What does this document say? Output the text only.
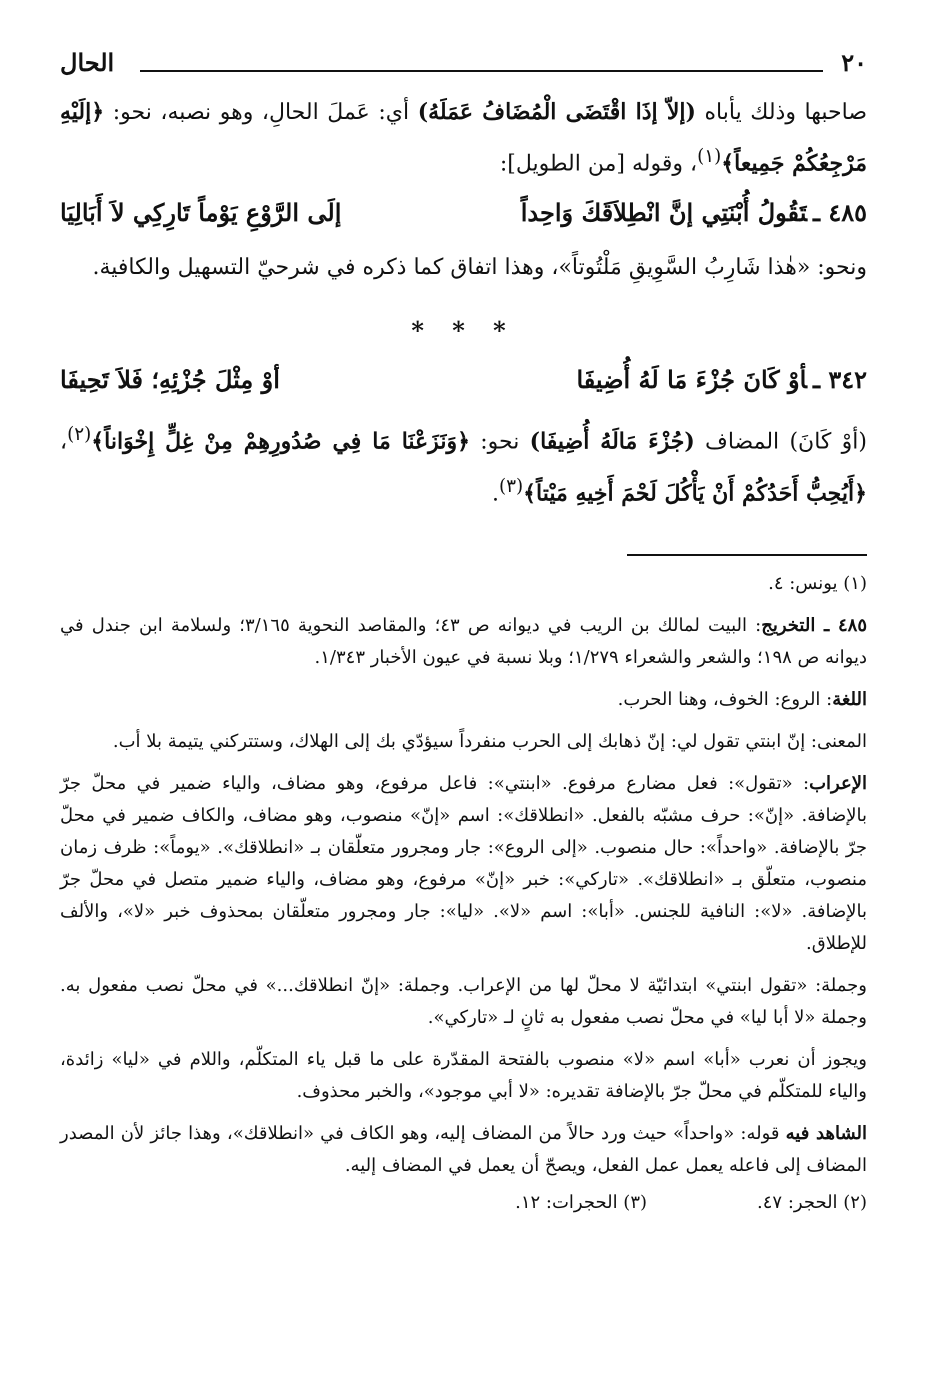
٢٠
الحال

صاحبها وذلك يأباه (إلاّ إذَا اقْتَضَى الْمُضَافُ عَمَلَهُ) أي: عَملَ الحالِ، وهو نصبه، نحو: ﴿إلَيْهِ مَرْجِعُكُمْ جَمِيعاً﴾$^{(١)}$، وقوله [من الطويل]:

٤٨٥ ـتَقُولُ أُبْنَتِي إنَّ انْطِلاَقَكَ وَاحِداً
إلَى الرَّوْعِ يَوْماً تَارِكِي لاَ أَبَالِيَا

ونحو: «هٰذا شَارِبُ السَّوِيقِ مَلْتُوتاً»، وهذا اتفاق كما ذكره في شرحيّ التسهيل والكافية.

* * *
٣٤٢ ـأوْ كَانَ جُزْءَ مَا لَهُ أُضِيفَا
أوْ مِثْلَ جُزْئِهِ؛ فَلاَ تَحِيفَا

(أوْ كَانَ) المضاف (جُزْءَ مَالَهُ أُضِيفَا) نحو: ﴿وَنَزَعْنَا مَا فِي صُدُورِهِمْ مِنْ غِلٍّ إِخْوَاناً﴾$^{(٢)}$، ﴿أَيُحِبُّ أَحَدُكُمْ أَنْ يَأْكُلَ لَحْمَ أَخِيهِ مَيْتاً﴾$^{(٣)}$.

(١) يونس: ٤.

٤٨٥ ـ التخريج: البيت لمالك بن الريب في ديوانه ص ٤٣؛ والمقاصد النحوية ٣/١٦٥؛ ولسلامة ابن جندل في ديوانه ص ١٩٨؛ والشعر والشعراء ١/٢٧٩؛ وبلا نسبة في عيون الأخبار ١/٣٤٣.

اللغة: الروع: الخوف، وهنا الحرب.

المعنى: إنّ ابنتي تقول لي: إنّ ذهابك إلى الحرب منفرداً سيؤدّي بك إلى الهلاك، وستتركني يتيمة بلا أب.

الإعراب: «تقول»: فعل مضارع مرفوع. «ابنتي»: فاعل مرفوع، وهو مضاف، والياء ضمير في محلّ جرّ بالإضافة. «إنّ»: حرف مشبّه بالفعل. «انطلاقك»: اسم «إنّ» منصوب، وهو مضاف، والكاف ضمير في محلّ جرّ بالإضافة. «واحداً»: حال منصوب. «إلى الروع»: جار ومجرور متعلّقان بـ «انطلاقك». «يوماً»: ظرف زمان منصوب، متعلّق بـ «انطلاقك». «تاركي»: خبر «إنّ» مرفوع، وهو مضاف، والياء ضمير متصل في محلّ جرّ بالإضافة. «لا»: النافية للجنس. «أبا»: اسم «لا». «ليا»: جار ومجرور متعلّقان بمحذوف خبر «لا»، والألف للإطلاق.

وجملة: «تقول ابنتي» ابتدائيّة لا محلّ لها من الإعراب. وجملة: «إنّ انطلاقك...» في محلّ نصب مفعول به. وجملة «لا أبا ليا» في محلّ نصب مفعول به ثانٍ لـ «تاركي».

ويجوز أن نعرب «أبا» اسم «لا» منصوب بالفتحة المقدّرة على ما قبل ياء المتكلّم، واللام في «ليا» زائدة، والياء للمتكلّم في محلّ جرّ بالإضافة تقديره: «لا أبي موجود»، والخبر محذوف.

الشاهد فيه قوله: «واحداً» حيث ورد حالاً من المضاف إليه، وهو الكاف في «انطلاقك»، وهذا جائز لأن المصدر المضاف إلى فاعله يعمل عمل الفعل، ويصحّ أن يعمل في المضاف إليه.

(٢) الحجر: ٤٧.
(٣) الحجرات: ١٢.
